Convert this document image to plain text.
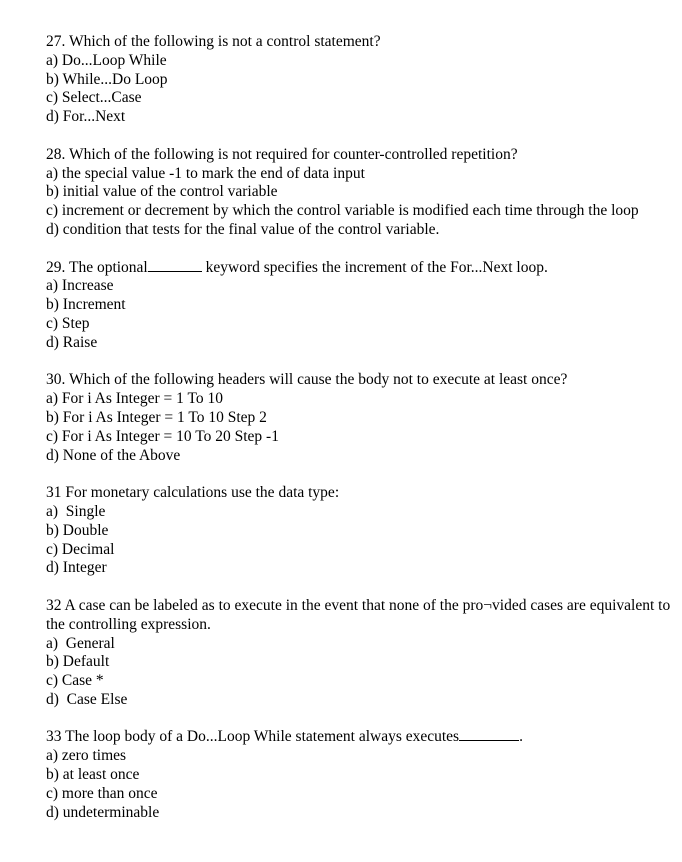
27. Which of the following is not a control statement?
a) Do...Loop While
b) While...Do Loop
c) Select...Case
d) For...Next
28. Which of the following is not required for counter-controlled repetition?
a) the special value -1 to mark the end of data input
b) initial value of the control variable
c) increment or decrement by which the control variable is modified each time through the loop
d) condition that tests for the final value of the control variable.
29. The optional	keyword specifies the increment of the For...Next loop.
a) Increase
b) Increment
c) Step
d) Raise
30. Which of the following headers will cause the body not to execute at least once?
a) For i As Integer = 1 To 10
b) For i As Integer = 1 To 10 Step 2
c) For i As Integer = 10 To 20 Step -1
d) None of the Above
31 For monetary calculations use the data type:
a)  Single
b) Double
c) Decimal
d) Integer
32 A case can be labeled as to execute in the event that none of the pro¬vided cases are equivalent to the controlling expression.
a)  General
b) Default
c) Case *
d)  Case Else
33 The loop body of a Do...Loop While statement always executes	.
a) zero times
b) at least once
c) more than once
d) undeterminable
